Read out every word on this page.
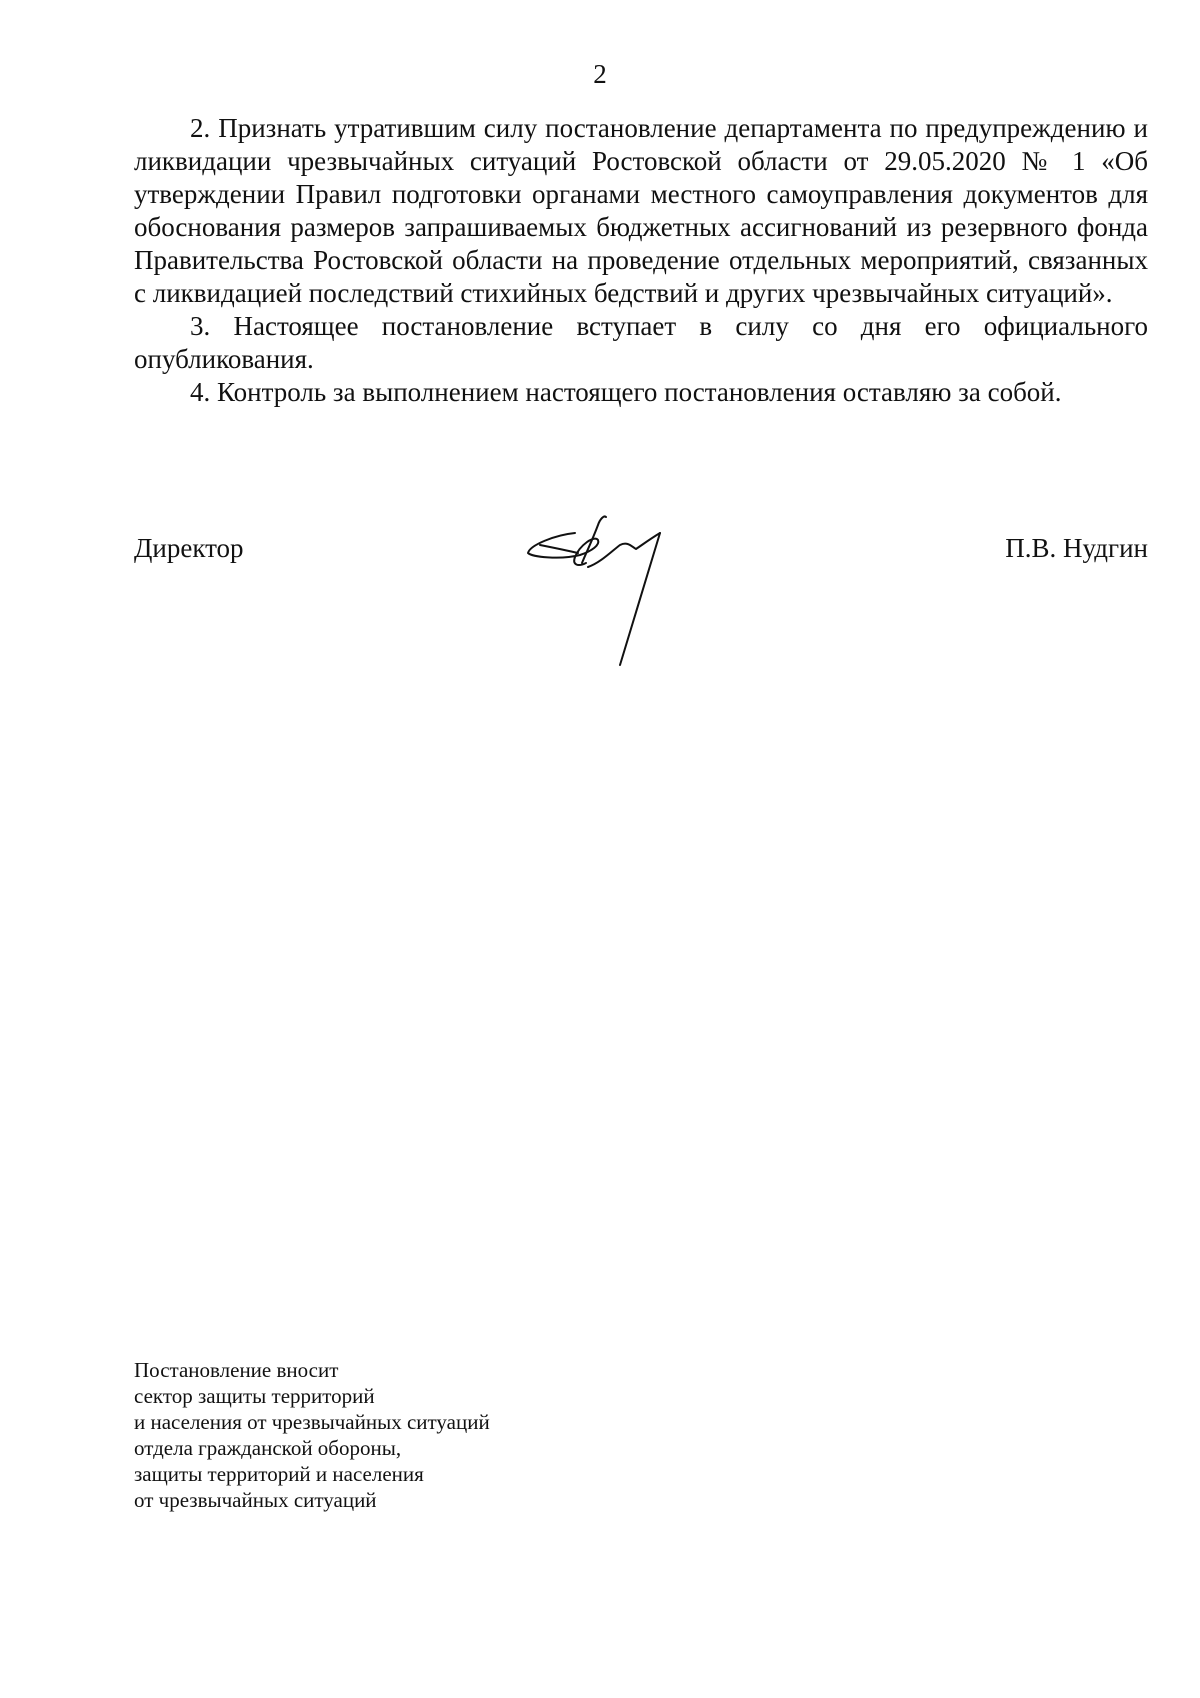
2

2. Признать утратившим силу постановление департамента по предупреждению и ликвидации чрезвычайных ситуаций Ростовской области от 29.05.2020 № 1 «Об утверждении Правил подготовки органами местного самоуправления документов для обоснования размеров запрашиваемых бюджетных ассигнований из резервного фонда Правительства Ростовской области на проведение отдельных мероприятий, связанных с ликвидацией последствий стихийных бедствий и других чрезвычайных ситуаций».

3. Настоящее постановление вступает в силу со дня его официального опубликования.

4. Контроль за выполнением настоящего постановления оставляю за собой.

Директор	П.В. Нудгин
Постановление вносит
сектор защиты территорий
и населения от чрезвычайных ситуаций
отдела гражданской обороны,
защиты территорий и населения
от чрезвычайных ситуаций
